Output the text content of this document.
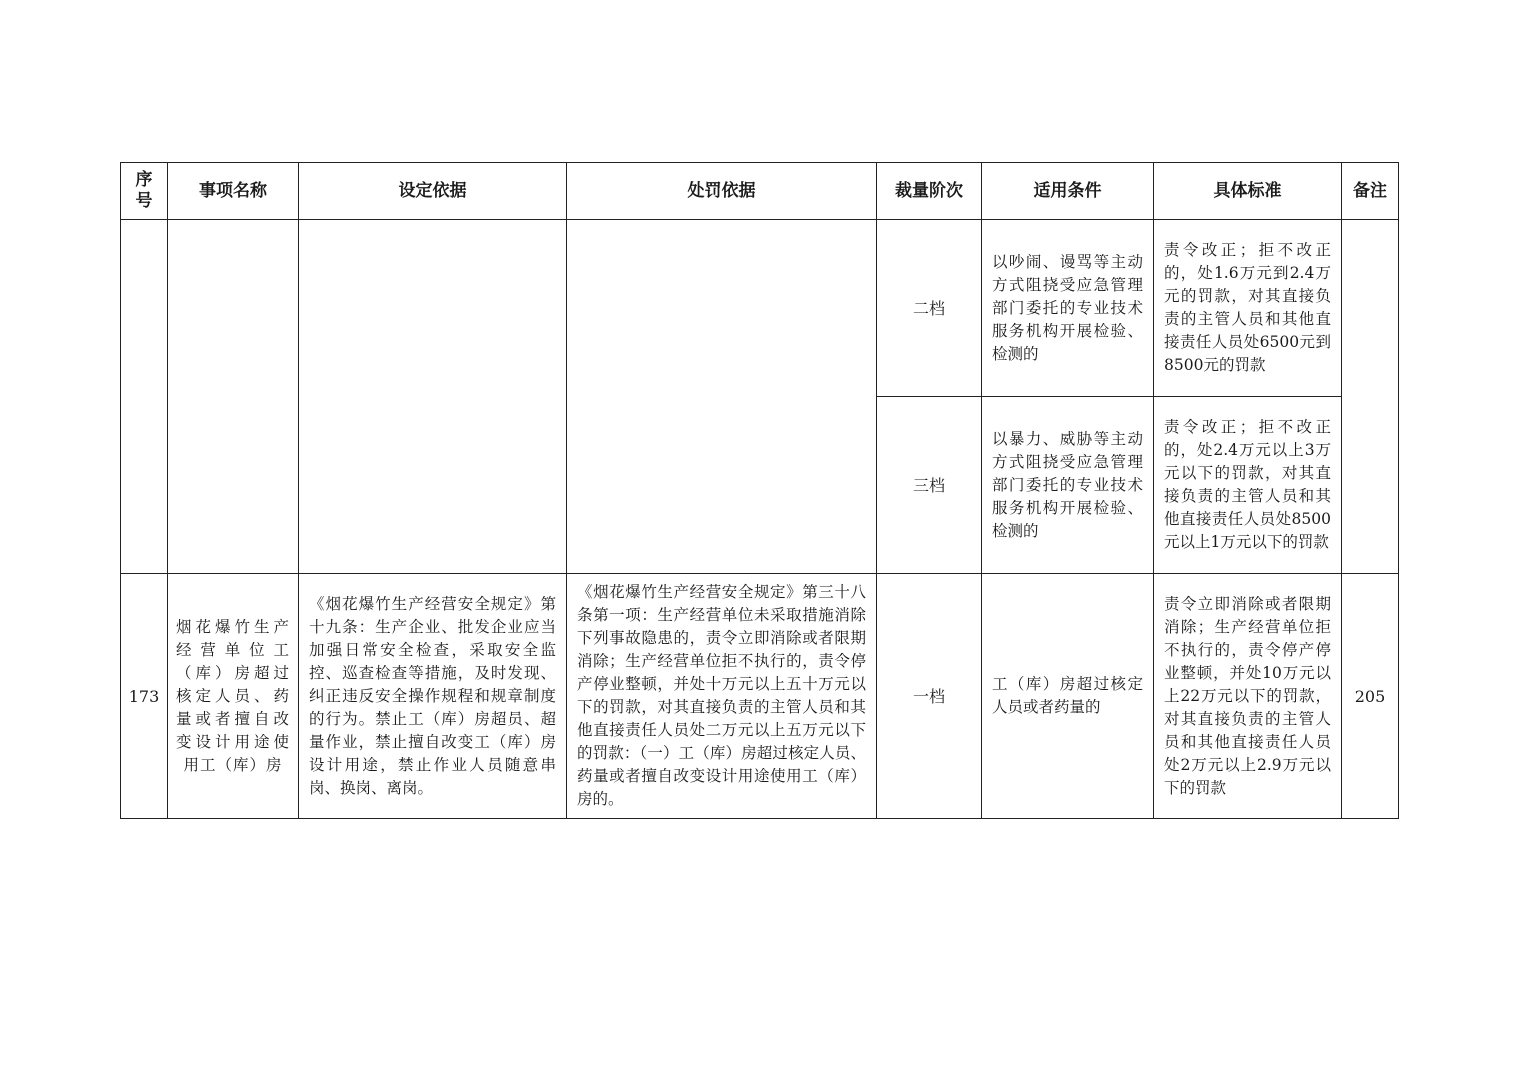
序号	事项名称	设定依据	处罚依据	裁量阶次	适用条件	具体标准	备注
				二档	以吵闹、谩骂等主动方式阻挠受应急管理部门委托的专业技术服务机构开展检验、检测的	责令改正；拒不改正的，处1.6万元到2.4万元的罚款，对其直接负责的主管人员和其他直接责任人员处6500元到8500元的罚款	

				三档	以暴力、威胁等主动方式阻挠受应急管理部门委托的专业技术服务机构开展检验、检测的	责令改正；拒不改正的，处2.4万元以上3万元以下的罚款，对其直接负责的主管人员和其他直接责任人员处8500元以上1万元以下的罚款	

173	烟花爆竹生产经营单位工（库）房超过核定人员、药量或者擅自改变设计用途使用工（库）房	《烟花爆竹生产经营安全规定》第十九条：生产企业、批发企业应当加强日常安全检查，采取安全监控、巡查检查等措施，及时发现、纠正违反安全操作规程和规章制度的行为。禁止工（库）房超员、超量作业，禁止擅自改变工（库）房设计用途，禁止作业人员随意串岗、换岗、离岗。	《烟花爆竹生产经营安全规定》第三十八条第一项：生产经营单位未采取措施消除下列事故隐患的，责令立即消除或者限期消除；生产经营单位拒不执行的，责令停产停业整顿，并处十万元以上五十万元以下的罚款，对其直接负责的主管人员和其他直接责任人员处二万元以上五万元以下的罚款：（一）工（库）房超过核定人员、药量或者擅自改变设计用途使用工（库）房的。	一档	工（库）房超过核定人员或者药量的	责令立即消除或者限期消除；生产经营单位拒不执行的，责令停产停业整顿，并处10万元以上22万元以下的罚款，对其直接负责的主管人员和其他直接责任人员处2万元以上2.9万元以下的罚款	205
